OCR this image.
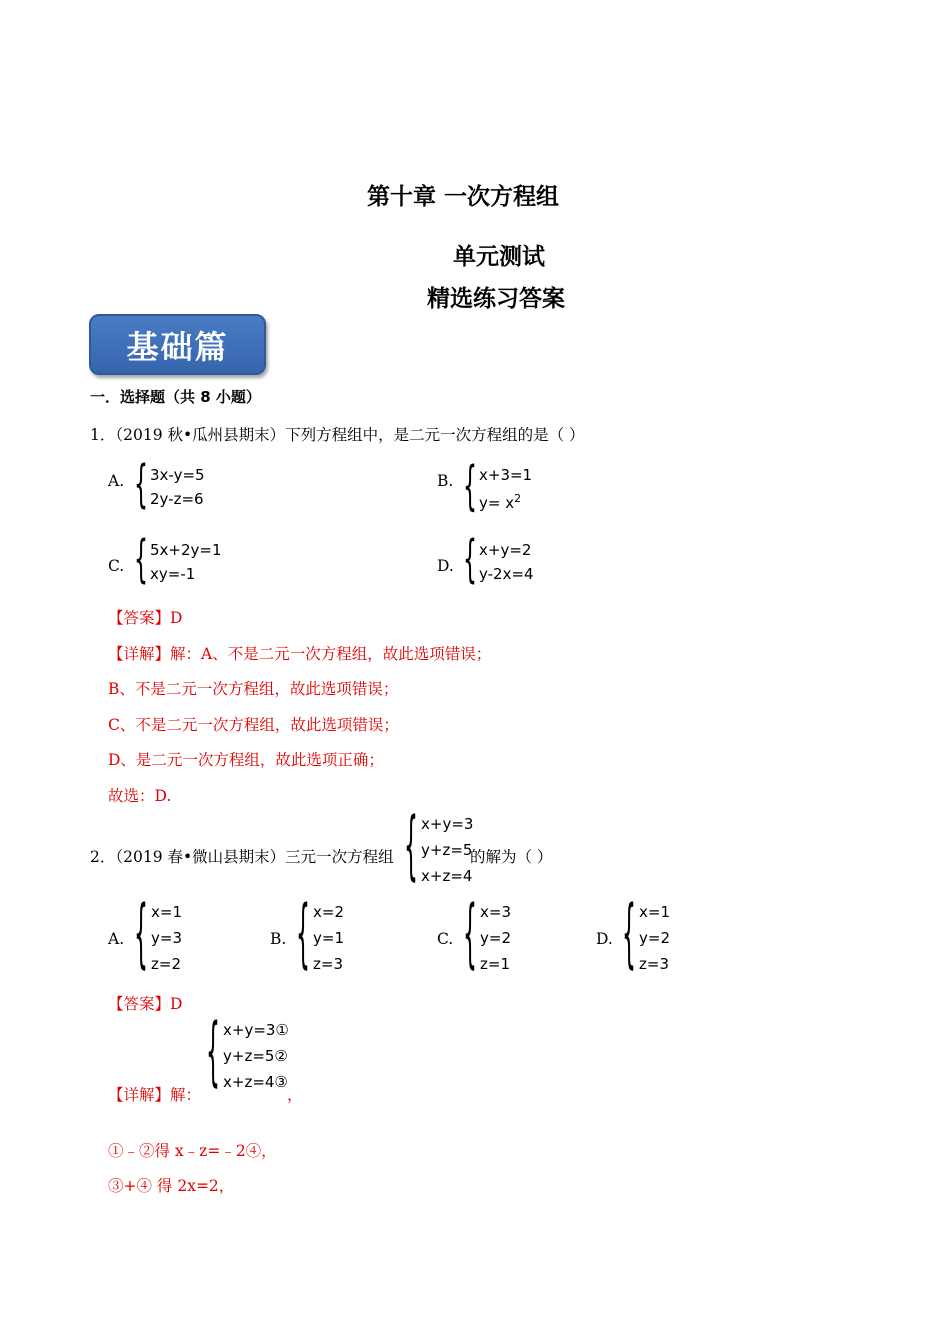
第十章 一次方程组
单元测试
精选练习答案
基础篇
一．选择题（共 8 小题）
1．（2019 秋•瓜州县期末）下列方程组中，是二元一次方程组的是（ ）
A. { 3x-y=5
2y-z=6
B. { x+3=1
$y= x^2$
C. { 5x+2y=1
xy=-1	D. { x+y=2
y-2x=4
【答案】D
【详解】解：A、不是二元一次方程组，故此选项错误；
B、不是二元一次方程组，故此选项错误；
C、不是二元一次方程组，故此选项错误；
D、是二元一次方程组，故此选项正确；
故选：D.
2．（2019 春•微山县期末）三元一次方程组 { x+y=3
y+z=5
x+z=4
的解为（ ）
A. { x=1
y=3
z=2
B. { x=2
y=1
z=3
C. { x=3
y=2
z=1
D. { x=1
y=2
z=3
【答案】D
【详解】解： { x+y=3①
y+z=5②
x+z=4③
，
①﹣②得 x﹣z=﹣2④，
③+④ 得 2x=2，
